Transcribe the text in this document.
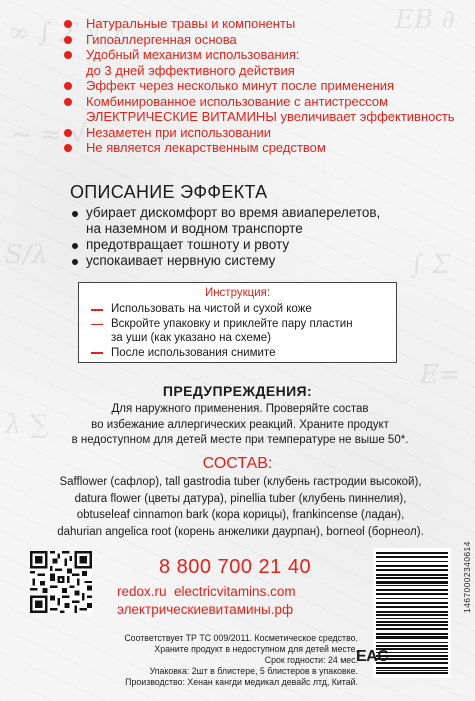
Натуральные травы и компоненты
Гипоаллергенная основа
Удобный механизм использования:
до 3 дней эффективного действия
Эффект через несколько минут после применения
Комбинированное использование с антистрессом
ЭЛЕКТРИЧЕСКИЕ ВИТАМИНЫ увеличивает эффективность
Незаметен при использовании
Не является лекарственным средством
ОПИСАНИЕ ЭФФЕКТА
убирает дискомфорт во время авиаперелетов,
на наземном и водном транспорте
предотвращает тошноту и рвоту
успокаивает нервную систему
Инструкция:
Использовать на чистой и сухой коже
Вскройте упаковку и приклейте пару пластин
за уши (как указано на схеме)
После использования снимите
ПРЕДУПРЕЖДЕНИЯ:
Для наружного применения. Проверяйте состав
во избежание аллергических реакций. Храните продукт
в недоступном для детей месте при температуре не выше 50*.
СОСТАВ:
Safflower (сафлор), tall gastrodia tuber (клубень гастродии высокой),
datura flower (цветы датура), pinellia tuber (клубень пиннелия),
obtuseleaf cinnamon bark (кора корицы), frankincense (ладан),
dahurian angelica root (корень анжелики даурпан), borneol (борнеол).
8 800 700 21 40
redox.ru electricvitamins.com
электрическиевитамины.рф	14670002340614
Соответствует ТР ТС 009/2011. Косметическое средство.
Храните продукт в недоступном для детей месте.
Срок годности: 24 мес.
Упаковка: 2шт в блистере, 5 блистеров в упаковке.
Производство: Хенан кангди медикал девайс лтд, Китай.
EAC
